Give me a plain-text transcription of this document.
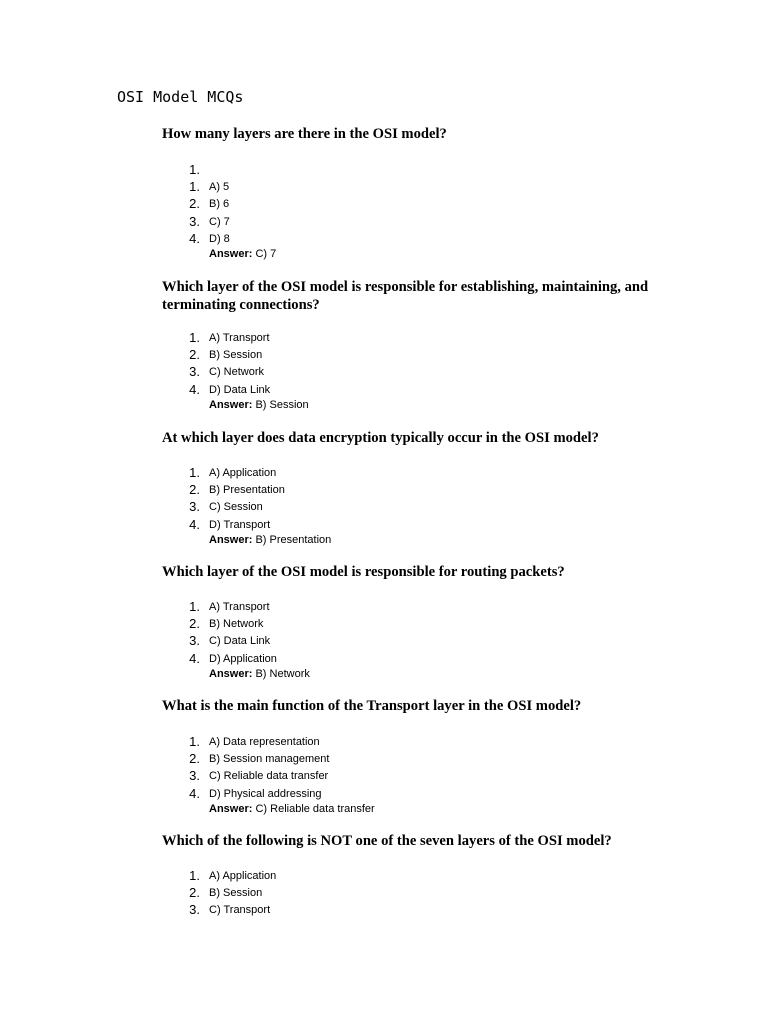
OSI Model MCQs
How many layers are there in the OSI model?
1.
1. A) 5
2. B) 6
3. C) 7
4. D) 8
Answer: C) 7
Which layer of the OSI model is responsible for establishing, maintaining, and terminating connections?
1. A) Transport
2. B) Session
3. C) Network
4. D) Data Link
Answer: B) Session
At which layer does data encryption typically occur in the OSI model?
1. A) Application
2. B) Presentation
3. C) Session
4. D) Transport
Answer: B) Presentation
Which layer of the OSI model is responsible for routing packets?
1. A) Transport
2. B) Network
3. C) Data Link
4. D) Application
Answer: B) Network
What is the main function of the Transport layer in the OSI model?
1. A) Data representation
2. B) Session management
3. C) Reliable data transfer
4. D) Physical addressing
Answer: C) Reliable data transfer
Which of the following is NOT one of the seven layers of the OSI model?
1. A) Application
2. B) Session
3. C) Transport
